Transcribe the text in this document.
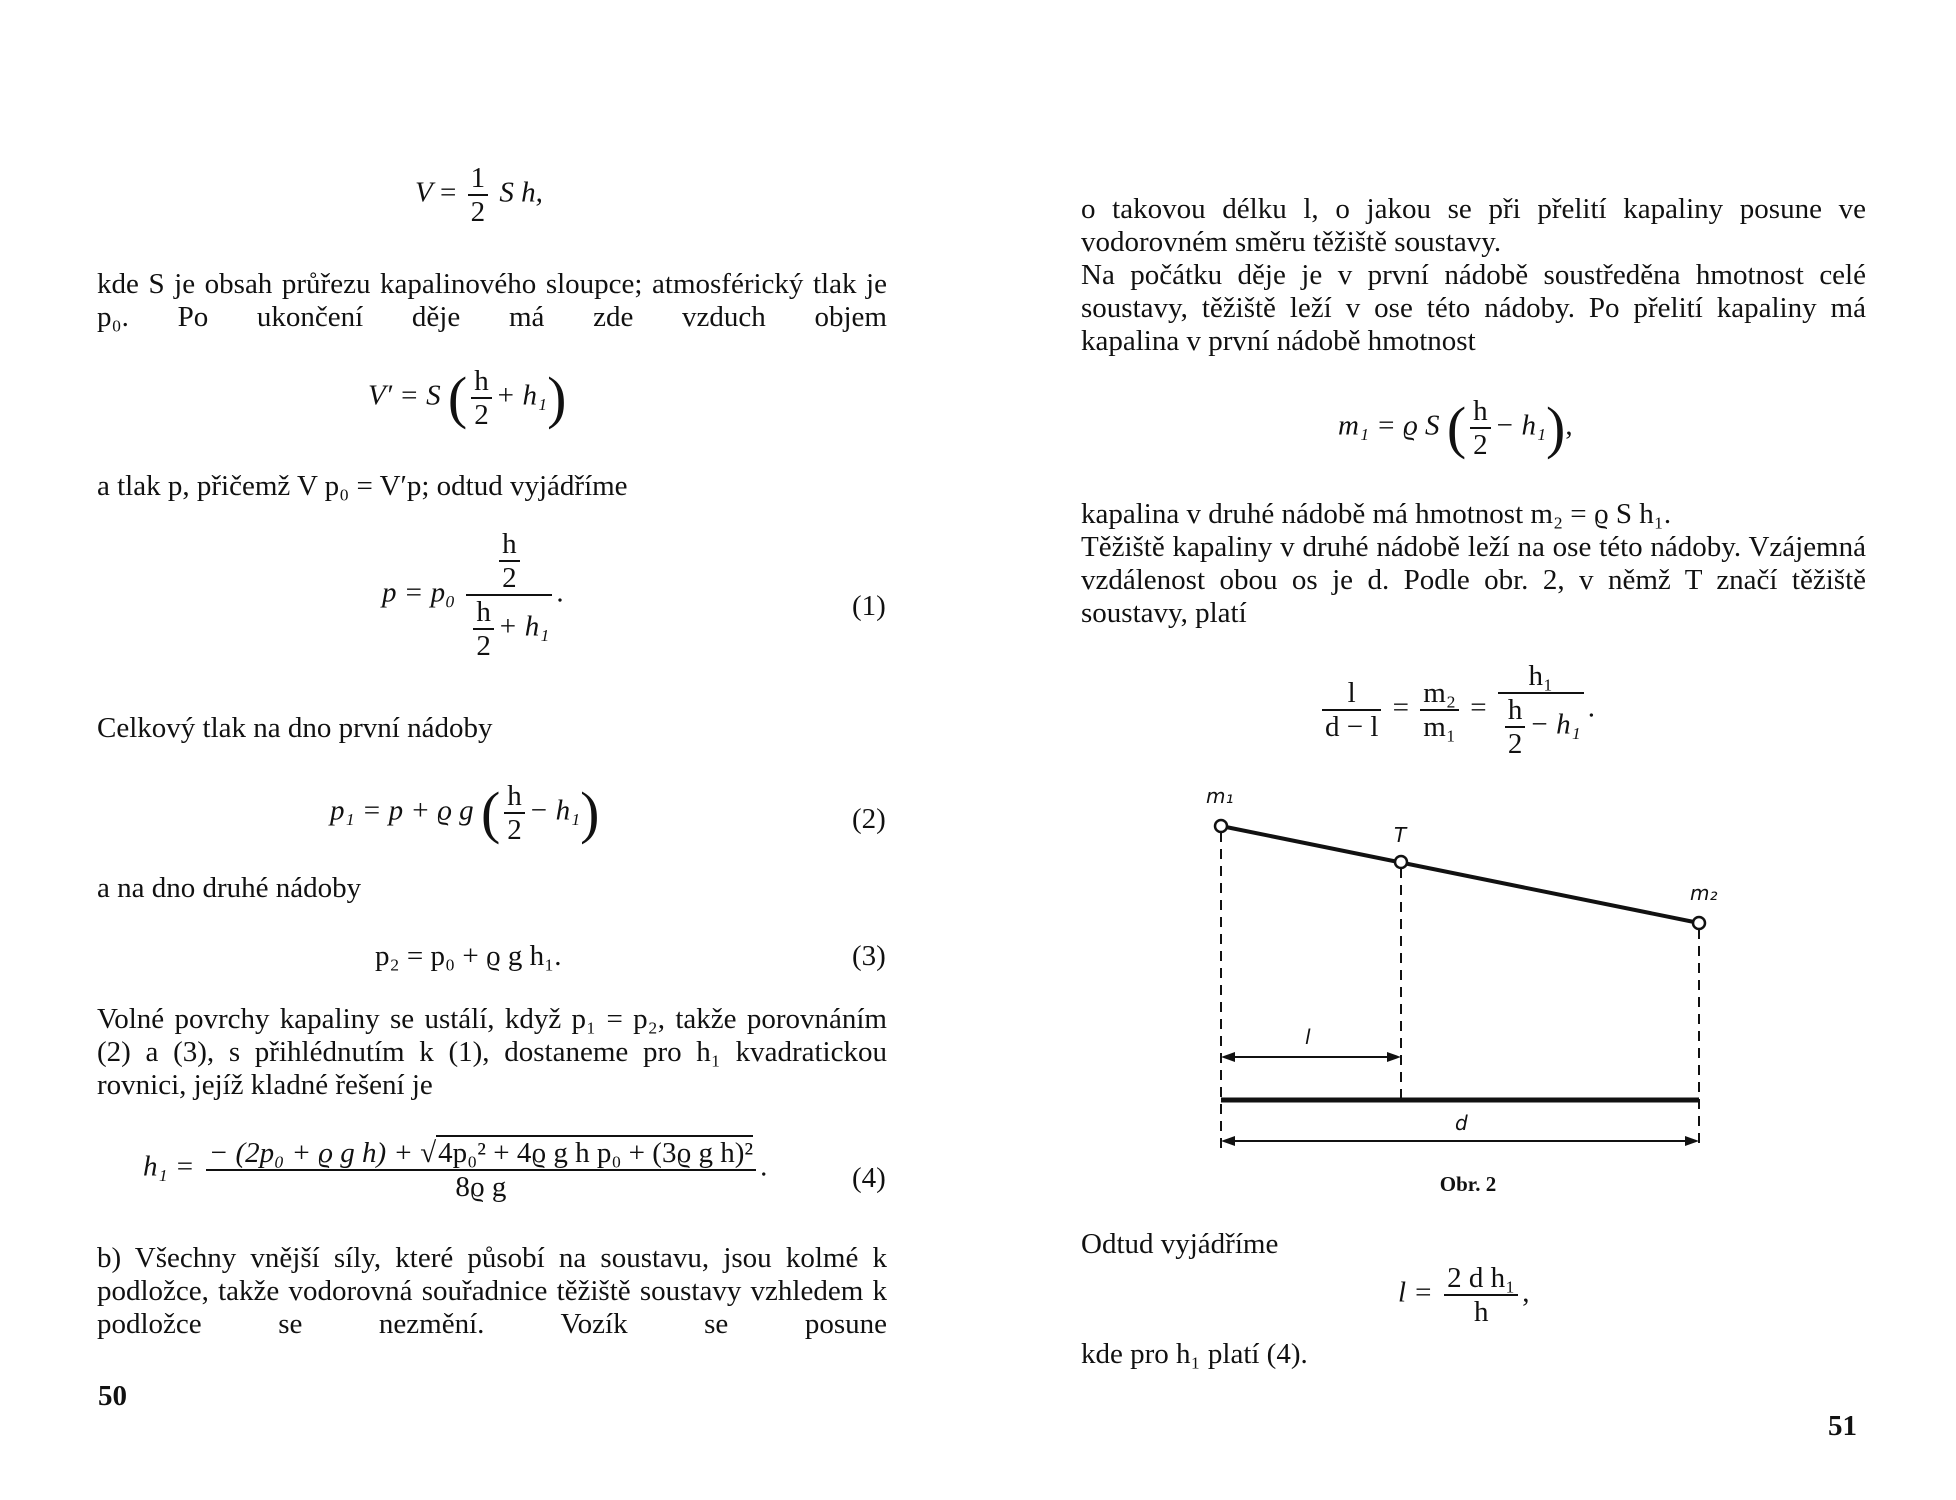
$V = \frac{1}{2}$ S h,

kde S je obsah průřezu kapalinového sloupce; atmosférický tlak je p₀. Po ukončení děje má zde vzduch objem

V′ = S ( $\frac{h}{2} + h_1$)

a tlak p, přičemž V p₀ = V′p; odtud vyjádříme

$p = p_0 \frac{\frac{h}{2}}{\frac{h}{2} + h_1}$ .	(1)

Celkový tlak na dno první nádoby

p₁ = p + ϱ g ( $\frac{h}{2} - h_1$)	(2)

a na dno druhé nádoby

p₂ = p₀ + ϱ g h₁.	(3)

Volné povrchy kapaliny se ustálí, když p₁ = p₂, takže porovnáním (2) a (3), s přihlédnutím k (1), dostaneme pro h₁ kvadratickou rovnici, jejíž kladné řešení je

$h_1 = \frac{\text{− (2p₀ + ϱ g h) + √4p₀² + 4ϱ g h p₀ + (3ϱ g h)²}}{\text{8ϱ g}}$ .	(4)

b) Všechny vnější síly, které působí na soustavu, jsou kolmé k podložce, takže vodorovná souřadnice těžiště soustavy vzhledem k podložce se nezmění. Vozík se posune

50

o takovou délku l, o jakou se při přelití kapaliny posune ve vodorovném směru těžiště soustavy.

Na počátku děje je v první nádobě soustředěna hmotnost celé soustavy, těžiště leží v ose této nádoby. Po přelití kapaliny má kapalina v první nádobě hmotnost

m₁ = ϱ S ( $\frac{h}{2} - h_1$),

kapalina v druhé nádobě má hmotnost m₂ = ϱ S h₁.

Těžiště kapaliny v druhé nádobě leží na ose této nádoby. Vzájemná vzdálenost obou os je d. Podle obr. 2, v němž T značí těžiště soustavy, platí

$\frac{l}{d - l} = \frac{\text{m₂}}{\text{m₁}} = \frac{\text{h₁}}{\frac{h}{2} - h_1}$ .
m₁
T
m₂
l
d
Obr. 2

Odtud vyjádříme

$l = \frac{\text{2 d h₁}}{h}$ ,

kde pro h₁ platí (4).

51
